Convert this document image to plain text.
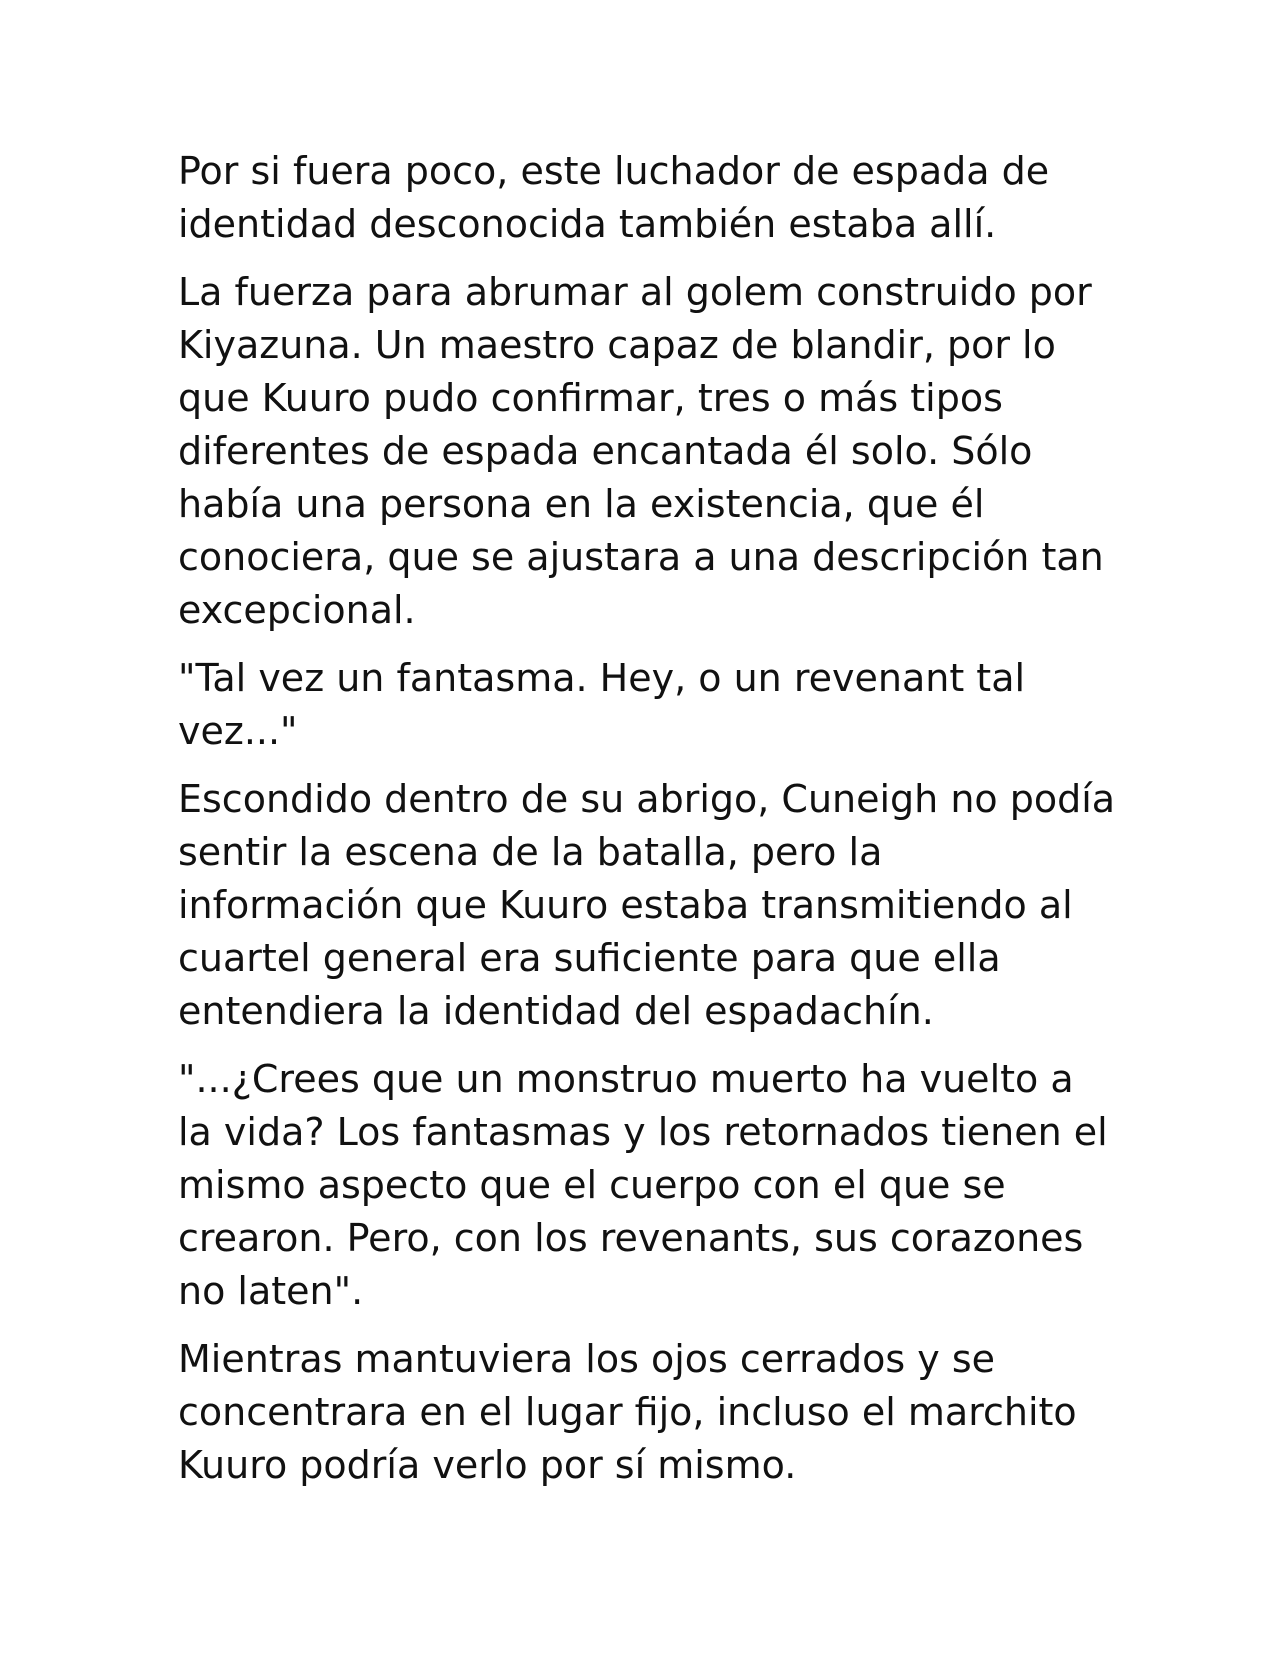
Por si fuera poco, este luchador de espada de identidad desconocida también estaba allí.

La fuerza para abrumar al golem construido por Kiyazuna. Un maestro capaz de blandir, por lo que Kuuro pudo confirmar, tres o más tipos diferentes de espada encantada él solo. Sólo había una persona en la existencia, que él conociera, que se ajustara a una descripción tan excepcional.

"Tal vez un fantasma. Hey, o un revenant tal vez..."

Escondido dentro de su abrigo, Cuneigh no podía sentir la escena de la batalla, pero la información que Kuuro estaba transmitiendo al cuartel general era suficiente para que ella entendiera la identidad del espadachín.

"...¿Crees que un monstruo muerto ha vuelto a la vida? Los fantasmas y los retornados tienen el mismo aspecto que el cuerpo con el que se crearon. Pero, con los revenants, sus corazones no laten".

Mientras mantuviera los ojos cerrados y se concentrara en el lugar fijo, incluso el marchito Kuuro podría verlo por sí mismo.
